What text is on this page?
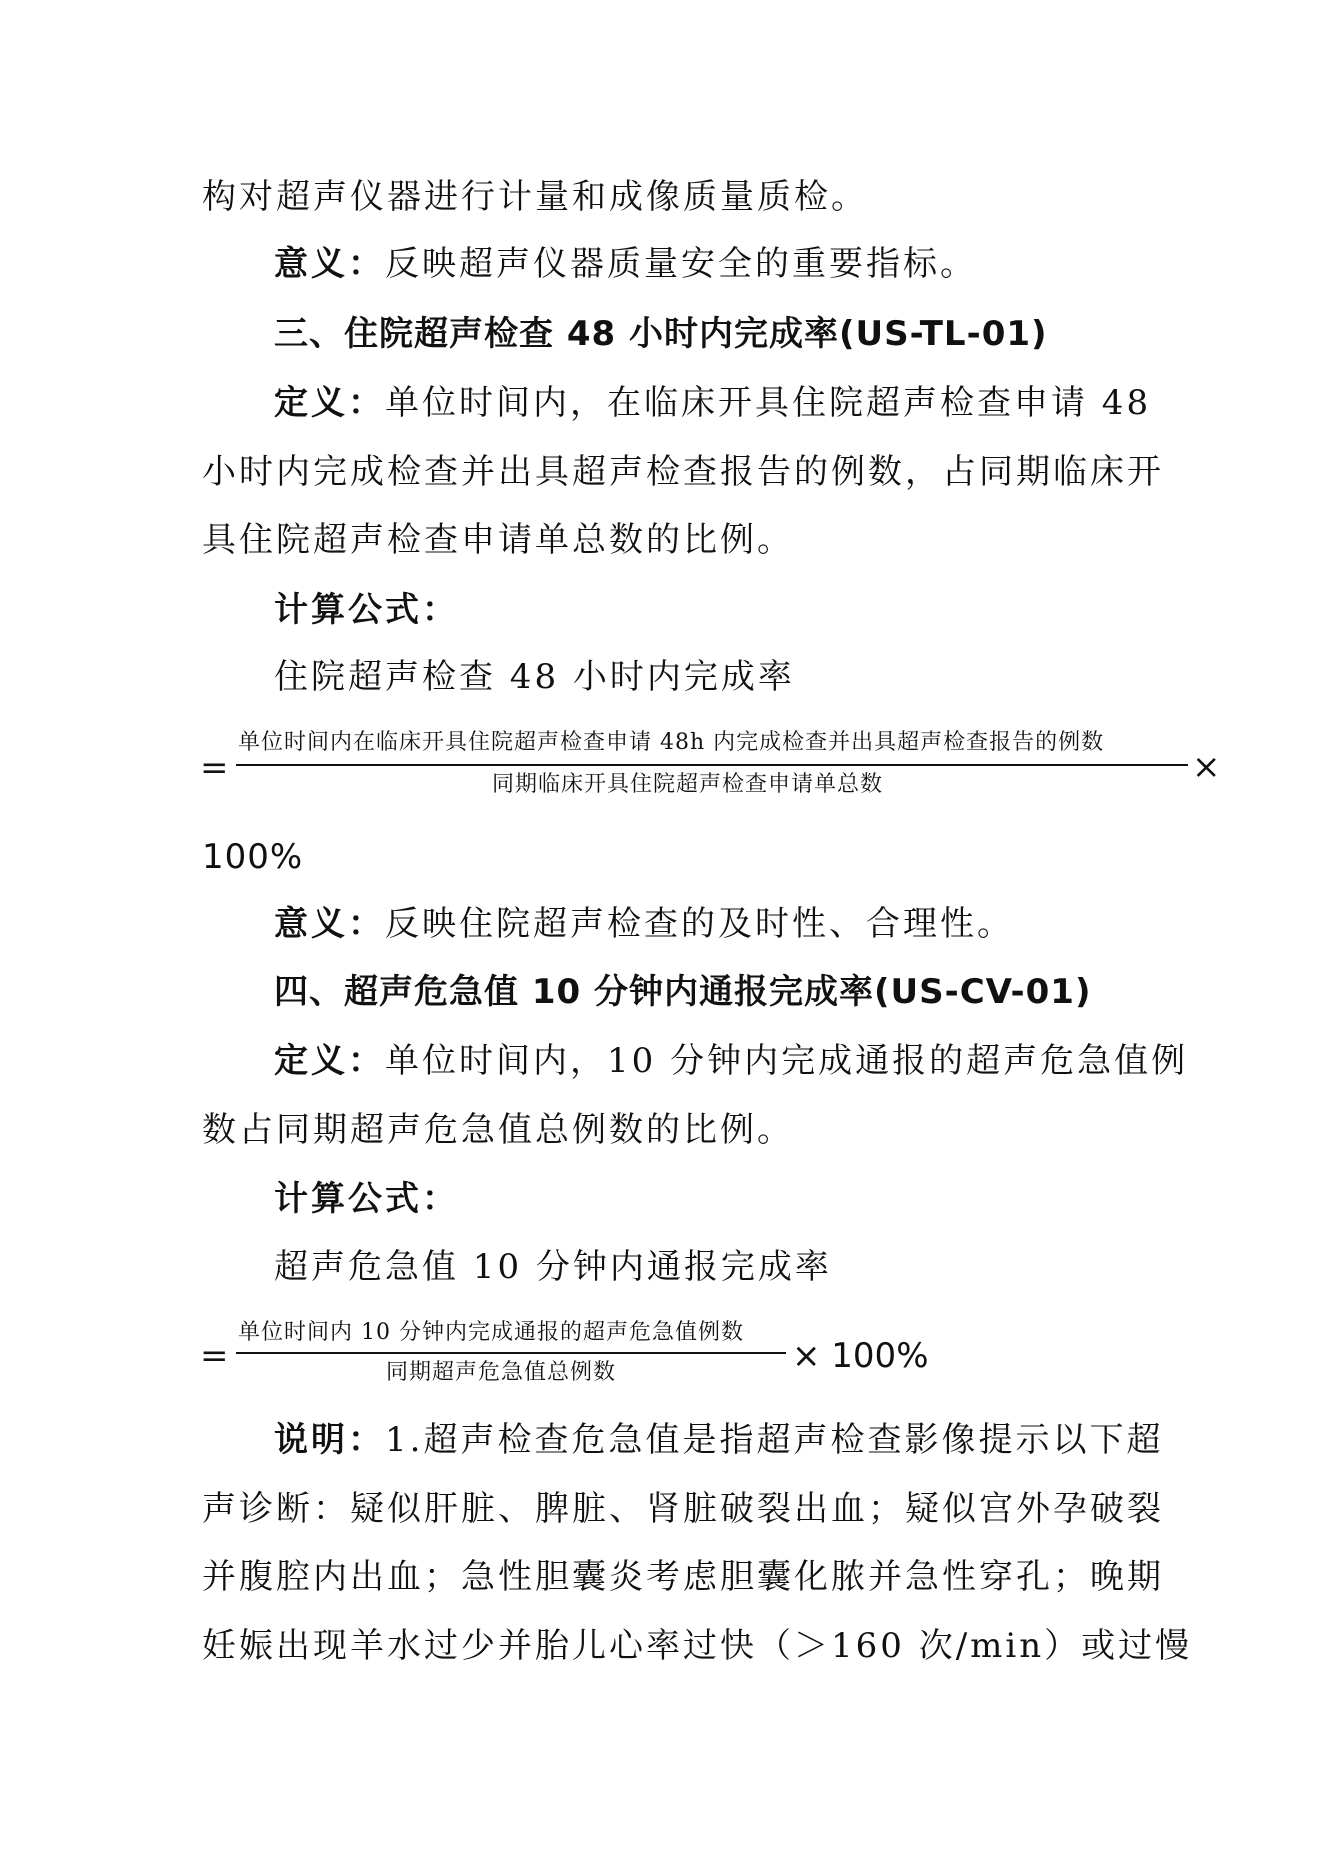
构对超声仪器进行计量和成像质量质检。
意义：反映超声仪器质量安全的重要指标。
三、住院超声检查 48 小时内完成率(US-TL-01)
定义：单位时间内，在临床开具住院超声检查申请 48
小时内完成检查并出具超声检查报告的例数，占同期临床开
具住院超声检查申请单总数的比例。
计算公式：
住院超声检查 48 小时内完成率
=
单位时间内在临床开具住院超声检查申请 48h 内完成检查并出具超声检查报告的例数
同期临床开具住院超声检查申请单总数	×
100%
意义：反映住院超声检查的及时性、合理性。
四、超声危急值 10 分钟内通报完成率(US-CV-01)
定义：单位时间内，10 分钟内完成通报的超声危急值例
数占同期超声危急值总例数的比例。
计算公式：
超声危急值 10 分钟内通报完成率
=
单位时间内 10 分钟内完成通报的超声危急值例数
同期超声危急值总例数	× 100%
说明：1.超声检查危急值是指超声检查影像提示以下超
声诊断：疑似肝脏、脾脏、肾脏破裂出血；疑似宫外孕破裂
并腹腔内出血；急性胆囊炎考虑胆囊化脓并急性穿孔；晚期
妊娠出现羊水过少并胎儿心率过快（＞160 次/min）或过慢
